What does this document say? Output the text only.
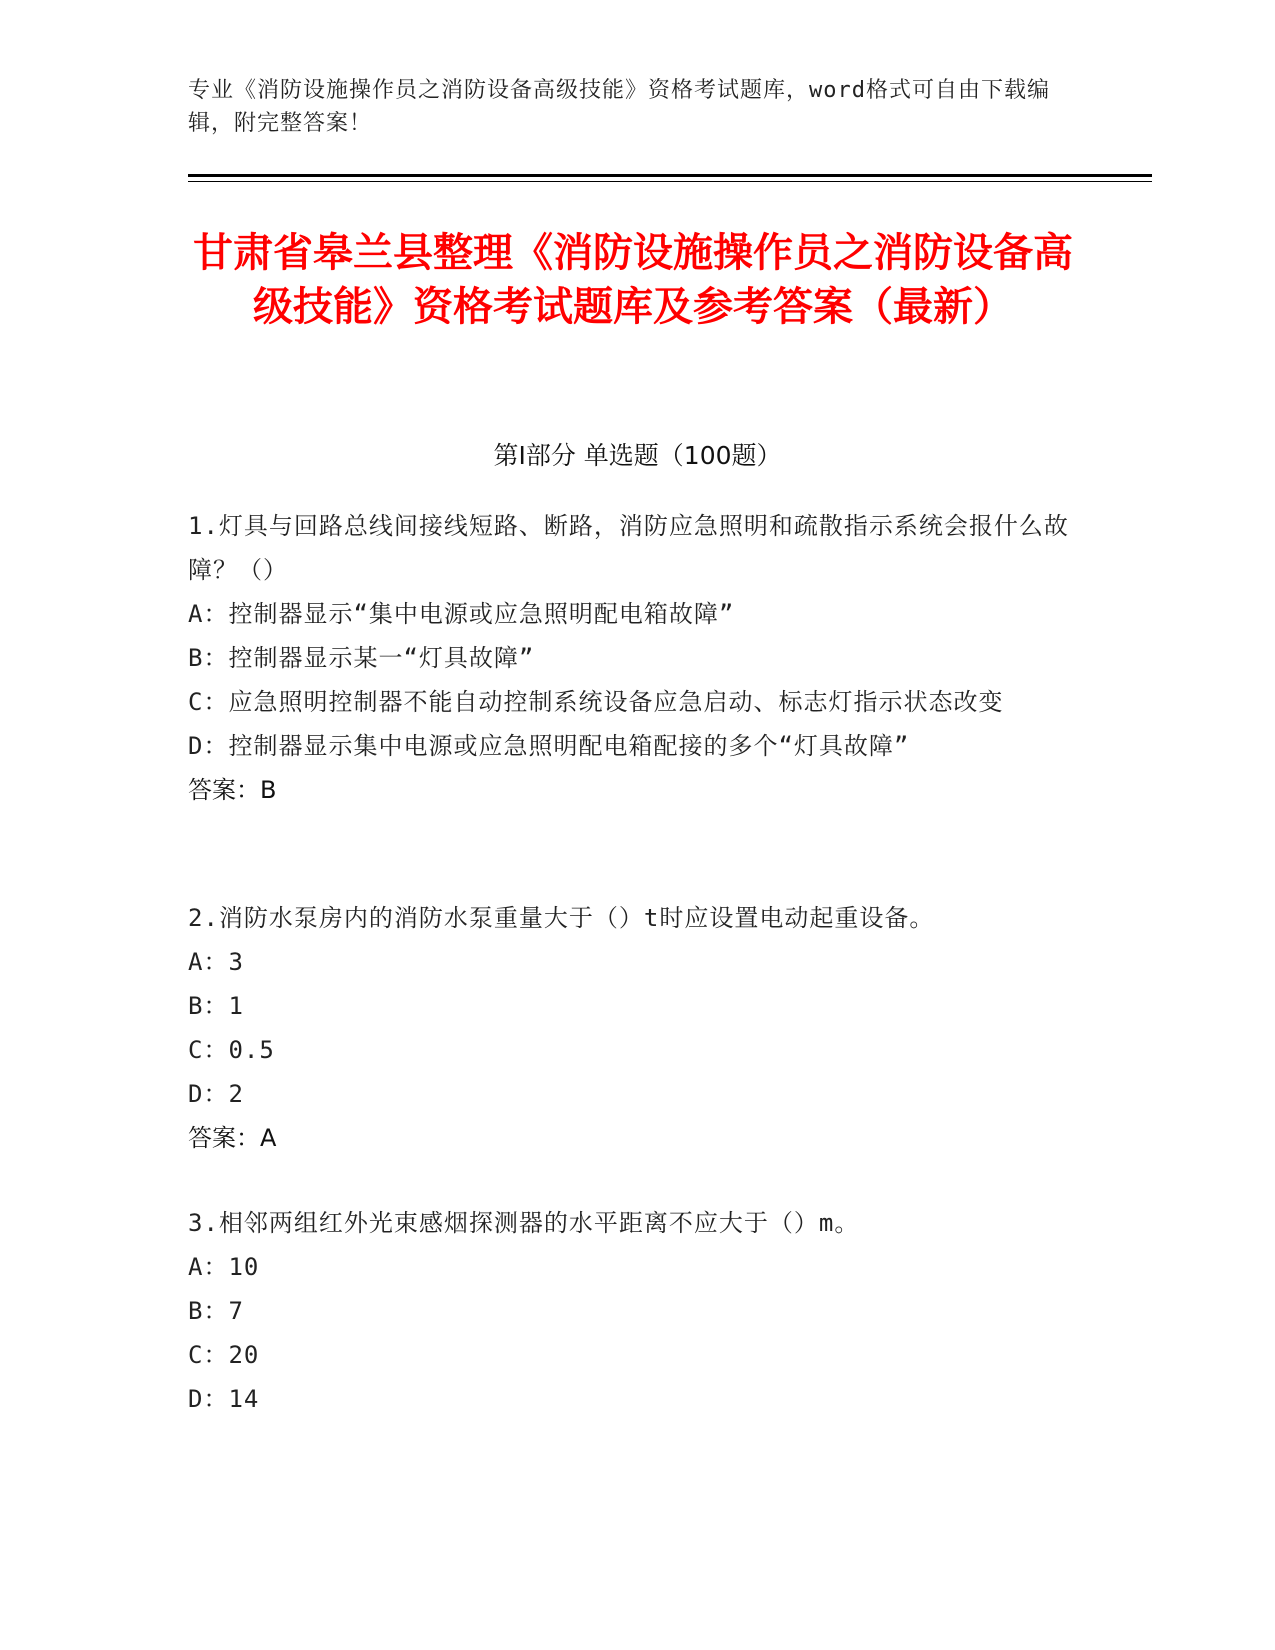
专业《消防设施操作员之消防设备高级技能》资格考试题库，word格式可自由下载编辑，附完整答案！
甘肃省皋兰县整理《消防设施操作员之消防设备高级技能》资格考试题库及参考答案（最新）
第Ⅰ部分 单选题（100题）
1.灯具与回路总线间接线短路、断路，消防应急照明和疏散指示系统会报什么故障？（）
A：控制器显示“集中电源或应急照明配电箱故障”
B：控制器显示某一“灯具故障”
C：应急照明控制器不能自动控制系统设备应急启动、标志灯指示状态改变
D：控制器显示集中电源或应急照明配电箱配接的多个“灯具故障”
答案：B
2.消防水泵房内的消防水泵重量大于（）t时应设置电动起重设备。
A：3
B：1
C：0.5
D：2
答案：A
3.相邻两组红外光束感烟探测器的水平距离不应大于（）m。
A：10
B：7
C：20
D：14
